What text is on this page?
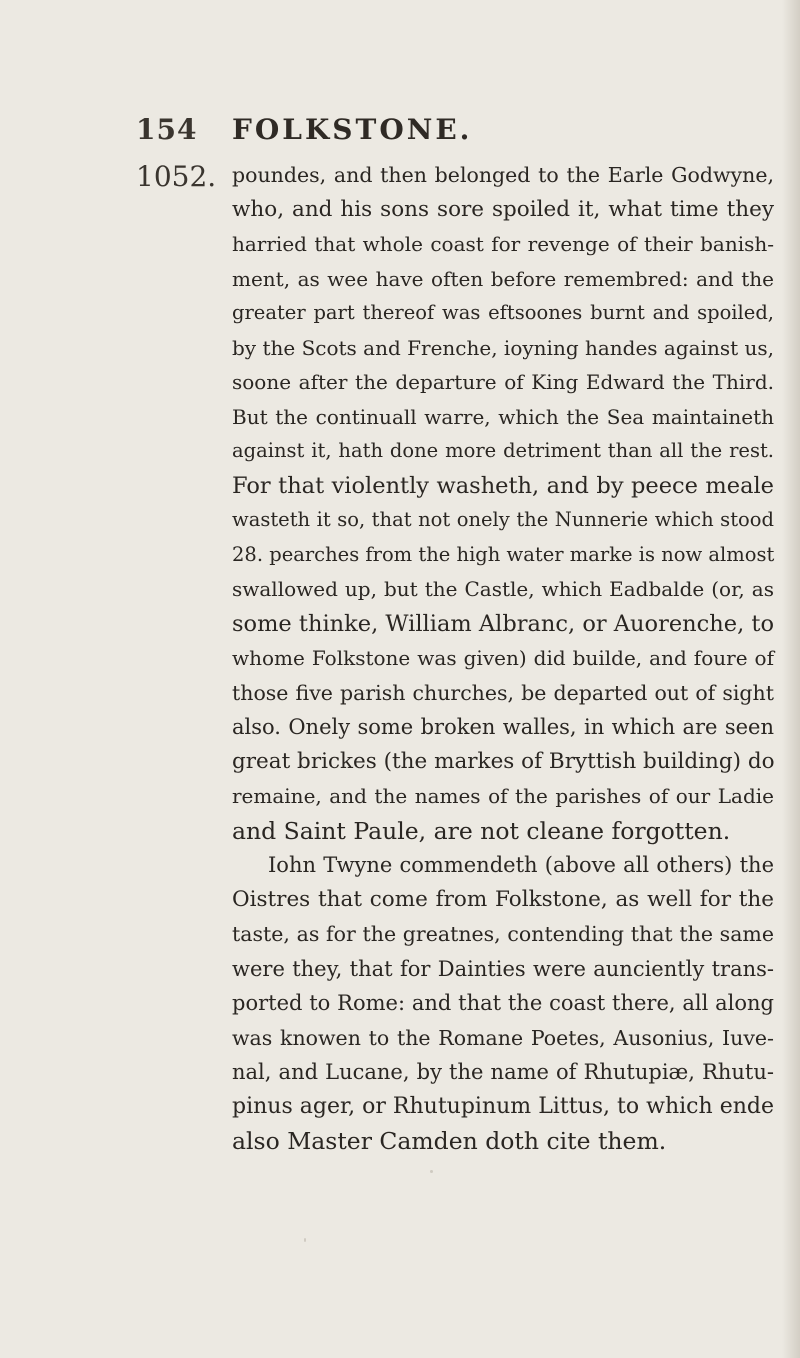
154 FOLKSTONE.
1052. poundes, and then belonged to the Earle Godwyne,
who, and his sons sore spoiled it, what time they
harried that whole coast for revenge of their banish-
ment, as wee have often before remembred: and the
greater part thereof was eftsoones burnt and spoiled,
by the Scots and Frenche, ioyning handes against us,
soone after the departure of King Edward the Third.
But the continuall warre, which the Sea maintaineth
against it, hath done more detriment than all the rest.
For that violently washeth, and by peece meale
wasteth it so, that not onely the Nunnerie which stood
28. pearches from the high water marke is now almost
swallowed up, but the Castle, which Eadbalde (or, as
some thinke, William Albranc, or Auorenche, to
whome Folkstone was given) did builde, and foure of
those five parish churches, be departed out of sight
also. Onely some broken walles, in which are seen
great brickes (the markes of Bryttish building) do
remaine, and the names of the parishes of our Ladie
and Saint Paule, are not cleane forgotten.
Iohn Twyne commendeth (above all others) the
Oistres that come from Folkstone, as well for the
taste, as for the greatnes, contending that the same
were they, that for Dainties were aunciently trans-
ported to Rome: and that the coast there, all along
was knowen to the Romane Poetes, Ausonius, Iuve-
nal, and Lucane, by the name of Rhutupiæ, Rhutu-
pinus ager, or Rhutupinum Littus, to which ende
also Master Camden doth cite them.
